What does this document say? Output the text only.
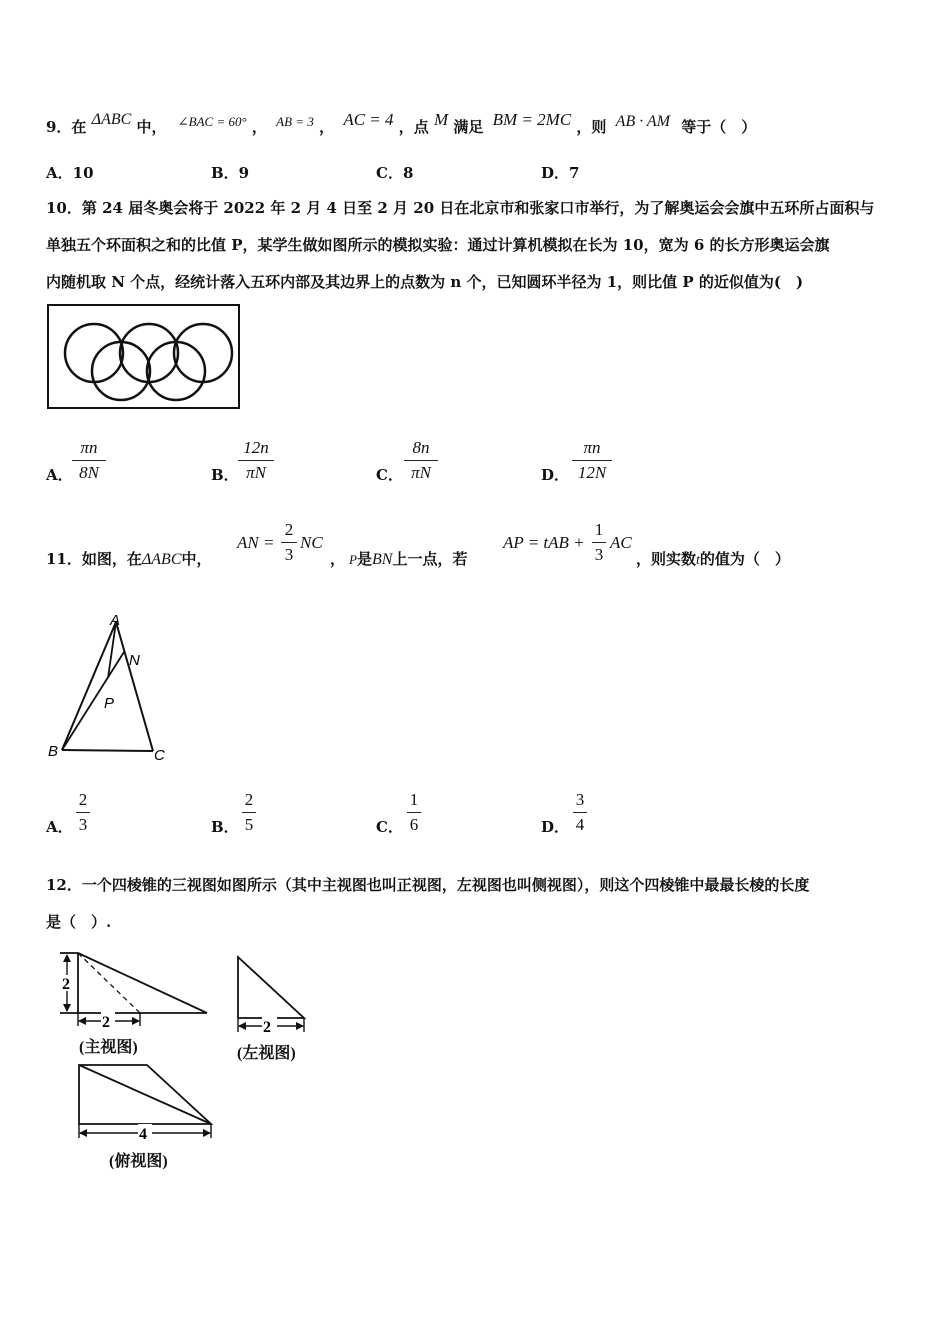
9．在 ΔABC 中， ∠BAC = 60° ， AB = 3 ， AC = 4 ，点 M 满足 BM = 2MC ，则 AB · AM 等于（　）
A．10	B．9	C．8	D．7
10．第 24 届冬奥会将于 2022 年 2 月 4 日至 2 月 20 日在北京市和张家口市举行，为了解奥运会会旗中五环所占面积与
单独五个环面积之和的比值 P，某学生做如图所示的模拟实验：通过计算机模拟在长为 10，宽为 6 的长方形奥运会旗
内随机取 N 个点，经统计落入五环内部及其边界上的点数为 n 个，已知圆环半径为 1，则比值 P 的近似值为(　)
A．
πn
8N	B．
12n
πN	C．
8n
πN	D．
πn
12N
11．如图，在ΔABC中，
AN =
2
3
NC
， P是BN上一点，若
AP = tAB +
1
3
AC
，则实数t的值为（　）
A
N
P
B	C
A．
2
3	B．
2
5	C．
1
6	D．
3
4
12．一个四棱锥的三视图如图所示（其中主视图也叫正视图，左视图也叫侧视图），则这个四棱锥中最最长棱的长度
是（　）.
2
2
(主视图)
2
(左视图)
4
(俯视图)
